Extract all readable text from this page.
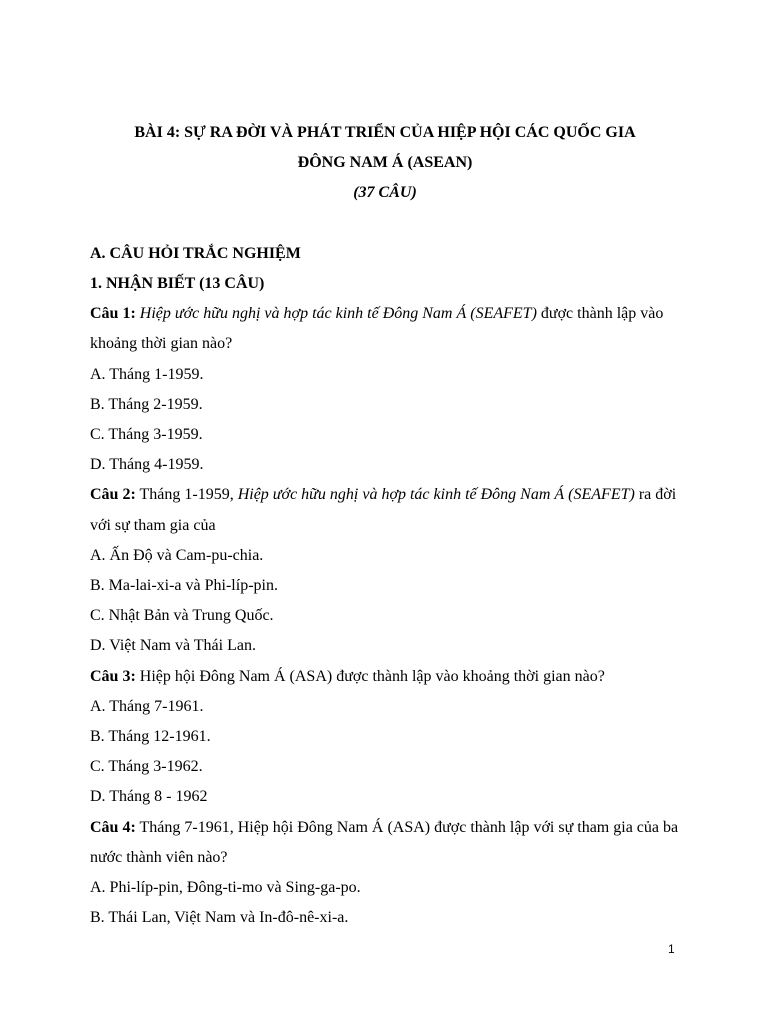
BÀI 4: SỰ RA ĐỜI VÀ PHÁT TRIỂN CỦA HIỆP HỘI CÁC QUỐC GIA
ĐÔNG NAM Á (ASEAN)
(37 CÂU)
A. CÂU HỎI TRẮC NGHIỆM
1. NHẬN BIẾT (13 CÂU)
Câu 1: Hiệp ước hữu nghị và hợp tác kinh tế Đông Nam Á (SEAFET) được thành lập vào khoảng thời gian nào?
A. Tháng 1-1959.
B. Tháng 2-1959.
C. Tháng 3-1959.
D. Tháng 4-1959.
Câu 2: Tháng 1-1959, Hiệp ước hữu nghị và hợp tác kinh tế Đông Nam Á (SEAFET) ra đời với sự tham gia của
A. Ấn Độ và Cam-pu-chia.
B. Ma-lai-xi-a và Phi-líp-pin.
C. Nhật Bản và Trung Quốc.
D. Việt Nam và Thái Lan.
Câu 3: Hiệp hội Đông Nam Á (ASA) được thành lập vào khoảng thời gian nào?
A. Tháng 7-1961.
B. Tháng 12-1961.
C. Tháng 3-1962.
D. Tháng 8 - 1962
Câu 4: Tháng 7-1961, Hiệp hội Đông Nam Á (ASA) được thành lập với sự tham gia của ba nước thành viên nào?
A. Phi-líp-pin, Đông-ti-mo và Sing-ga-po.
B. Thái Lan, Việt Nam và In-đô-nê-xi-a.
1
